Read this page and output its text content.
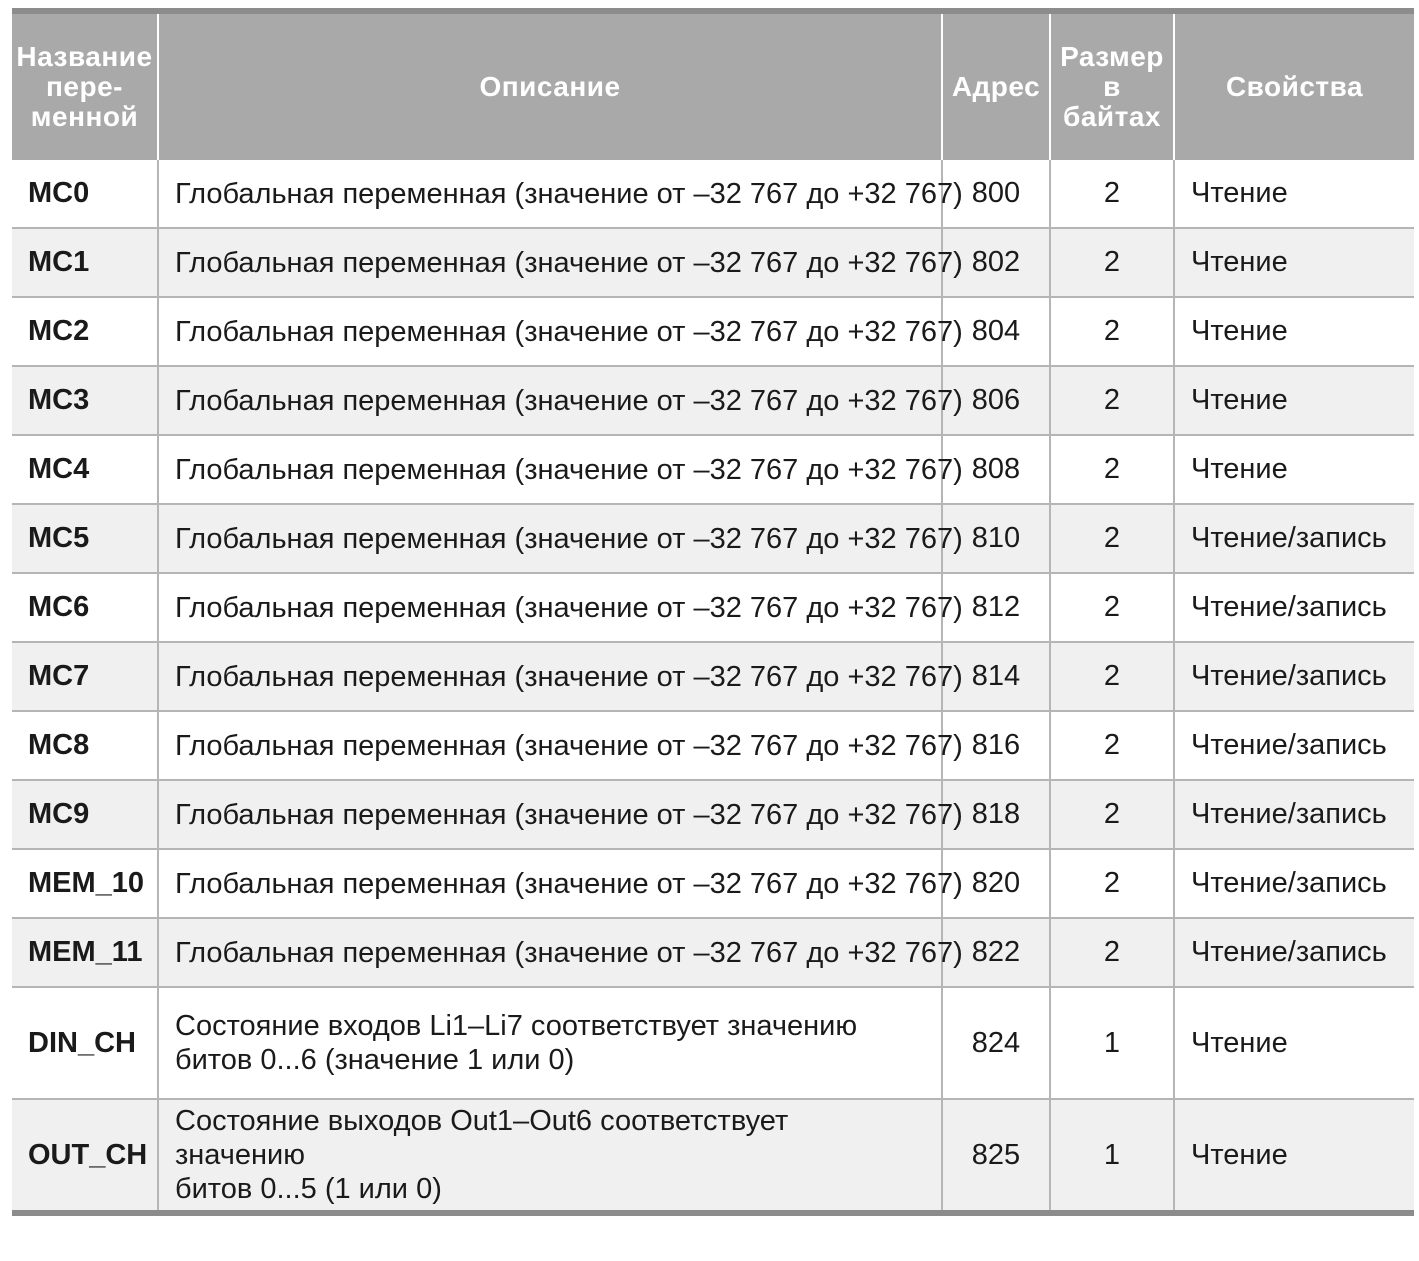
Название
пере-
менной	Описание	Адрес	Размер
в
байтах	Свойства
MC0	Глобальная переменная (значение от –32 767 до +32 767)	800	2	Чтение
MC1	Глобальная переменная (значение от –32 767 до +32 767)	802	2	Чтение
MC2	Глобальная переменная (значение от –32 767 до +32 767)	804	2	Чтение
MC3	Глобальная переменная (значение от –32 767 до +32 767)	806	2	Чтение
MC4	Глобальная переменная (значение от –32 767 до +32 767)	808	2	Чтение
MC5	Глобальная переменная (значение от –32 767 до +32 767)	810	2	Чтение/запись
MC6	Глобальная переменная (значение от –32 767 до +32 767)	812	2	Чтение/запись
MC7	Глобальная переменная (значение от –32 767 до +32 767)	814	2	Чтение/запись
MC8	Глобальная переменная (значение от –32 767 до +32 767)	816	2	Чтение/запись
MC9	Глобальная переменная (значение от –32 767 до +32 767)	818	2	Чтение/запись
MEM_10	Глобальная переменная (значение от –32 767 до +32 767)	820	2	Чтение/запись
MEM_11	Глобальная переменная (значение от –32 767 до +32 767)	822	2	Чтение/запись
DIN_CH	Состояние входов Li1–Li7 соответствует значению
битов 0...6 (значение 1 или 0)	824	1	Чтение
OUT_CH	Состояние выходов Out1–Out6 соответствует значению
битов 0...5 (1 или 0)	825	1	Чтение
